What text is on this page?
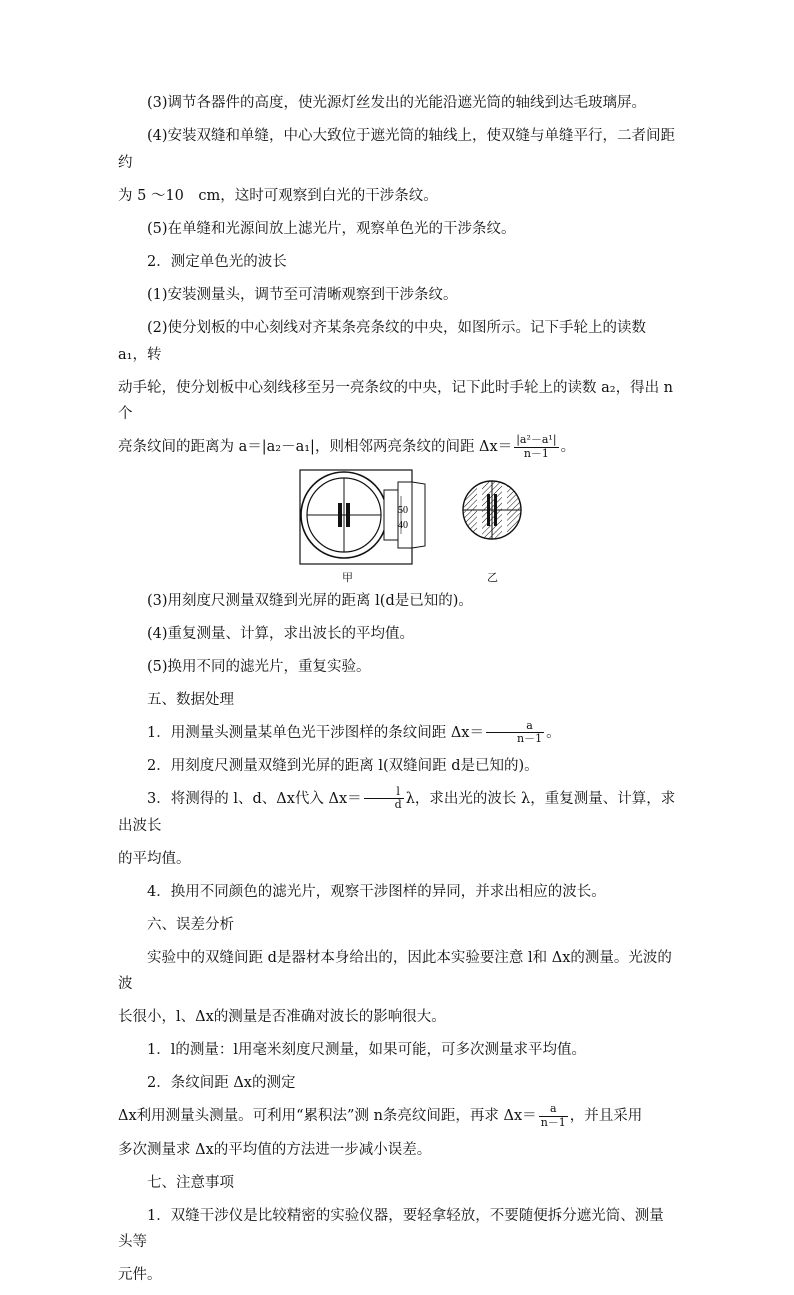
(3)调节各器件的高度，使光源灯丝发出的光能沿遮光筒的轴线到达毛玻璃屏。

(4)安装双缝和单缝，中心大致位于遮光筒的轴线上，使双缝与单缝平行，二者间距约

为 5 ～10　cm，这时可观察到白光的干涉条纹。

(5)在单缝和光源间放上滤光片，观察单色光的干涉条纹。

2．测定单色光的波长

(1)安装测量头，调节至可清晰观察到干涉条纹。

(2)使分划板的中心刻线对齐某条亮条纹的中央，如图所示。记下手轮上的读数 a₁，转

动手轮，使分划板中心刻线移至另一亮条纹的中央，记下此时手轮上的读数 a₂，得出 n 个

亮条纹间的距离为 a＝|a₂－a₁|，则相邻两亮条纹的间距 $\Delta x= \frac{\text{|a²－a¹|}}{n-1}$ 。

50
40
甲	乙

(3)用刻度尺测量双缝到光屏的距离 l(d是已知的)。

(4)重复测量、计算，求出波长的平均值。

(5)换用不同的滤光片，重复实验。

五、数据处理

1．用测量头测量某单色光干涉图样的条纹间距 $\Delta x= \frac{a}{n-1}$ 。

2．用刻度尺测量双缝到光屏的距离 l(双缝间距 d是已知的)。

3．将测得的 l、d、Δx代入 $\Delta x= \frac{l}{d}$ λ，求出光的波长 λ，重复测量、计算，求出波长

的平均值。

4．换用不同颜色的滤光片，观察干涉图样的异同，并求出相应的波长。

六、误差分析

实验中的双缝间距 d是器材本身给出的，因此本实验要注意 l和 Δx的测量。光波的波

长很小，l、Δx的测量是否准确对波长的影响很大。

1．l的测量：l用毫米刻度尺测量，如果可能，可多次测量求平均值。

2．条纹间距 Δx的测定

Δx利用测量头测量。可利用“累积法”测 n条亮纹间距，再求 $\Delta x= \frac{a}{n-1}$ ，并且采用

多次测量求 Δx的平均值的方法进一步减小误差。

七、注意事项

1．双缝干涉仪是比较精密的实验仪器，要轻拿轻放，不要随便拆分遮光筒、测量头等

元件。
